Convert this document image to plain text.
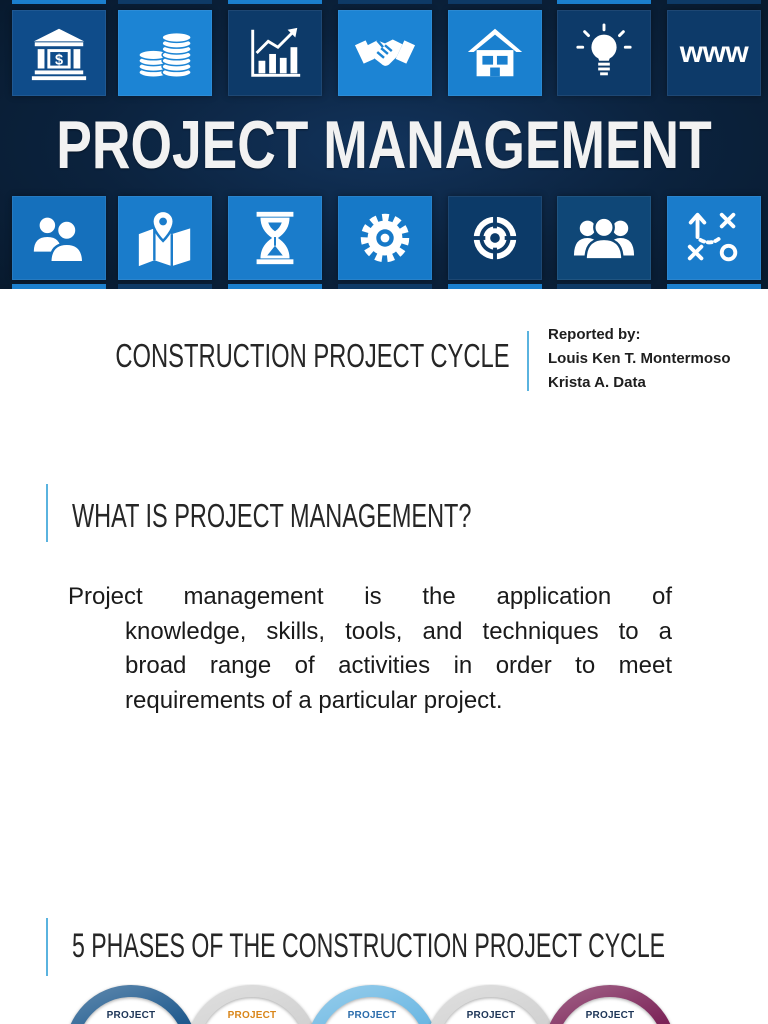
$	www
PROJECT MANAGEMENT
CONSTRUCTION PROJECT CYCLE
Reported by:
Louis Ken T. Montermoso
Krista A. Data
WHAT IS PROJECT MANAGEMENT?
Project management is the application of
knowledge, skills, tools, and techniques to a
broad range of activities in order to meet
requirements of a particular project.
5 PHASES OF THE CONSTRUCTION PROJECT CYCLE
PROJECT	PROJECT	PROJECT	PROJECT	PROJECT
